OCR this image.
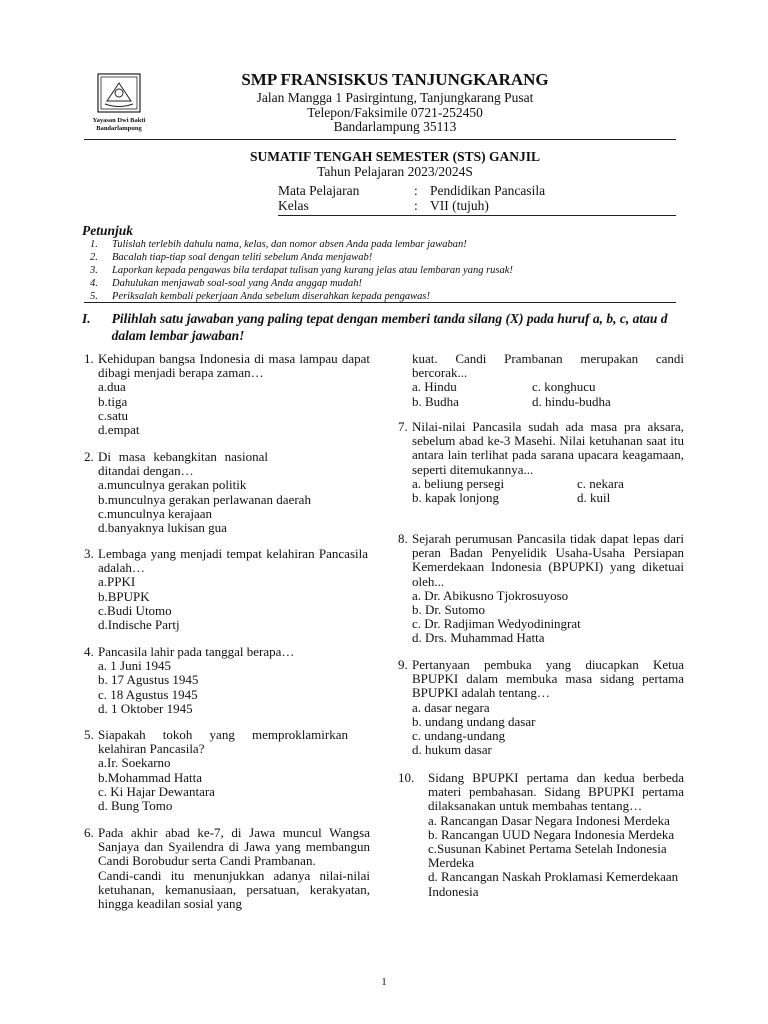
Yayasan Dwi Bakti
Bandarlampung
SMP FRANSISKUS TANJUNGKARANG
Jalan Mangga 1 Pasirgintung, Tanjungkarang Pusat
Telepon/Faksimile 0721-252450
Bandarlampung 35113
SUMATIF TENGAH SEMESTER (STS) GANJIL
Tahun Pelajaran 2023/2024S
Mata Pelajaran	: Pendidikan Pancasila
Kelas	: VII (tujuh)
Petunjuk
1.	Tulislah terlebih dahulu nama, kelas, dan nomor absen Anda pada lembar jawaban!
2.	Bacalah tiap-tiap soal dengan teliti sebelum Anda menjawab!
3.	Laporkan kepada pengawas bila terdapat tulisan yang kurang jelas atau lembaran yang rusak!
4.	Dahulukan menjawab soal-soal yang Anda anggap mudah!
5.	Periksalah kembali pekerjaan Anda sebelum diserahkan kepada pengawas!
I.	Pilihlah satu jawaban yang paling tepat dengan memberi tanda silang (X) pada huruf a, b, c, atau d dalam lembar jawaban!
1. Kehidupan bangsa Indonesia di masa lampau dapat dibagi menjadi berapa zaman…
a.dua
b.tiga
c.satu
d.empat
2. Di masa kebangkitan nasional ditandai dengan…
a.munculnya gerakan politik
b.munculnya gerakan perlawanan daerah
c.munculnya kerajaan
d.banyaknya lukisan gua
3. Lembaga yang menjadi tempat kelahiran Pancasila adalah…
a.PPKI
b.BPUPK
c.Budi Utomo
d.Indische Partj
4. Pancasila lahir pada tanggal berapa…
a. 1 Juni 1945
b. 17 Agustus 1945
c. 18 Agustus 1945
d. 1 Oktober 1945
5. Siapakah tokoh yang memproklamirkan kelahiran Pancasila?
a.Ir. Soekarno
b.Mohammad Hatta
c. Ki Hajar Dewantara
d. Bung Tomo
6. Pada akhir abad ke-7, di Jawa muncul Wangsa Sanjaya dan Syailendra di Jawa yang membangun Candi Borobudur serta Candi Prambanan.
Candi-candi itu menunjukkan adanya nilai-nilai ketuhanan, kemanusiaan, persatuan, kerakyatan, hingga keadilan sosial yang
kuat. Candi Prambanan merupakan candi bercorak...
a. Hindu	c. konghucu
b. Budha	d. hindu-budha
7. Nilai-nilai Pancasila sudah ada masa pra aksara, sebelum abad ke-3 Masehi. Nilai ketuhanan saat itu antara lain terlihat pada sarana upacara keagamaan, seperti ditemukannya...
a. beliung persegi	c. nekara
b. kapak lonjong	d. kuil
8. Sejarah perumusan Pancasila tidak dapat lepas dari peran Badan Penyelidik Usaha-Usaha Persiapan Kemerdekaan Indonesia (BPUPKI) yang diketuai oleh...
a. Dr. Abikusno Tjokrosuyoso
b. Dr. Sutomo
c. Dr. Radjiman Wedyodiningrat
d. Drs. Muhammad Hatta
9. Pertanyaan pembuka yang diucapkan Ketua BPUPKI dalam membuka masa sidang pertama BPUPKI adalah tentang…
a. dasar negara
b. undang undang dasar
c. undang-undang
d. hukum dasar
10.	Sidang BPUPKI pertama dan kedua berbeda materi pembahasan. Sidang BPUPKI pertama dilaksanakan untuk membahas tentang…
a. Rancangan Dasar Negara Indonesi Merdeka
b. Rancangan UUD Negara Indonesia Merdeka
c.Susunan Kabinet Pertama Setelah Indonesia Merdeka
d. Rancangan Naskah Proklamasi Kemerdekaan Indonesia
1
